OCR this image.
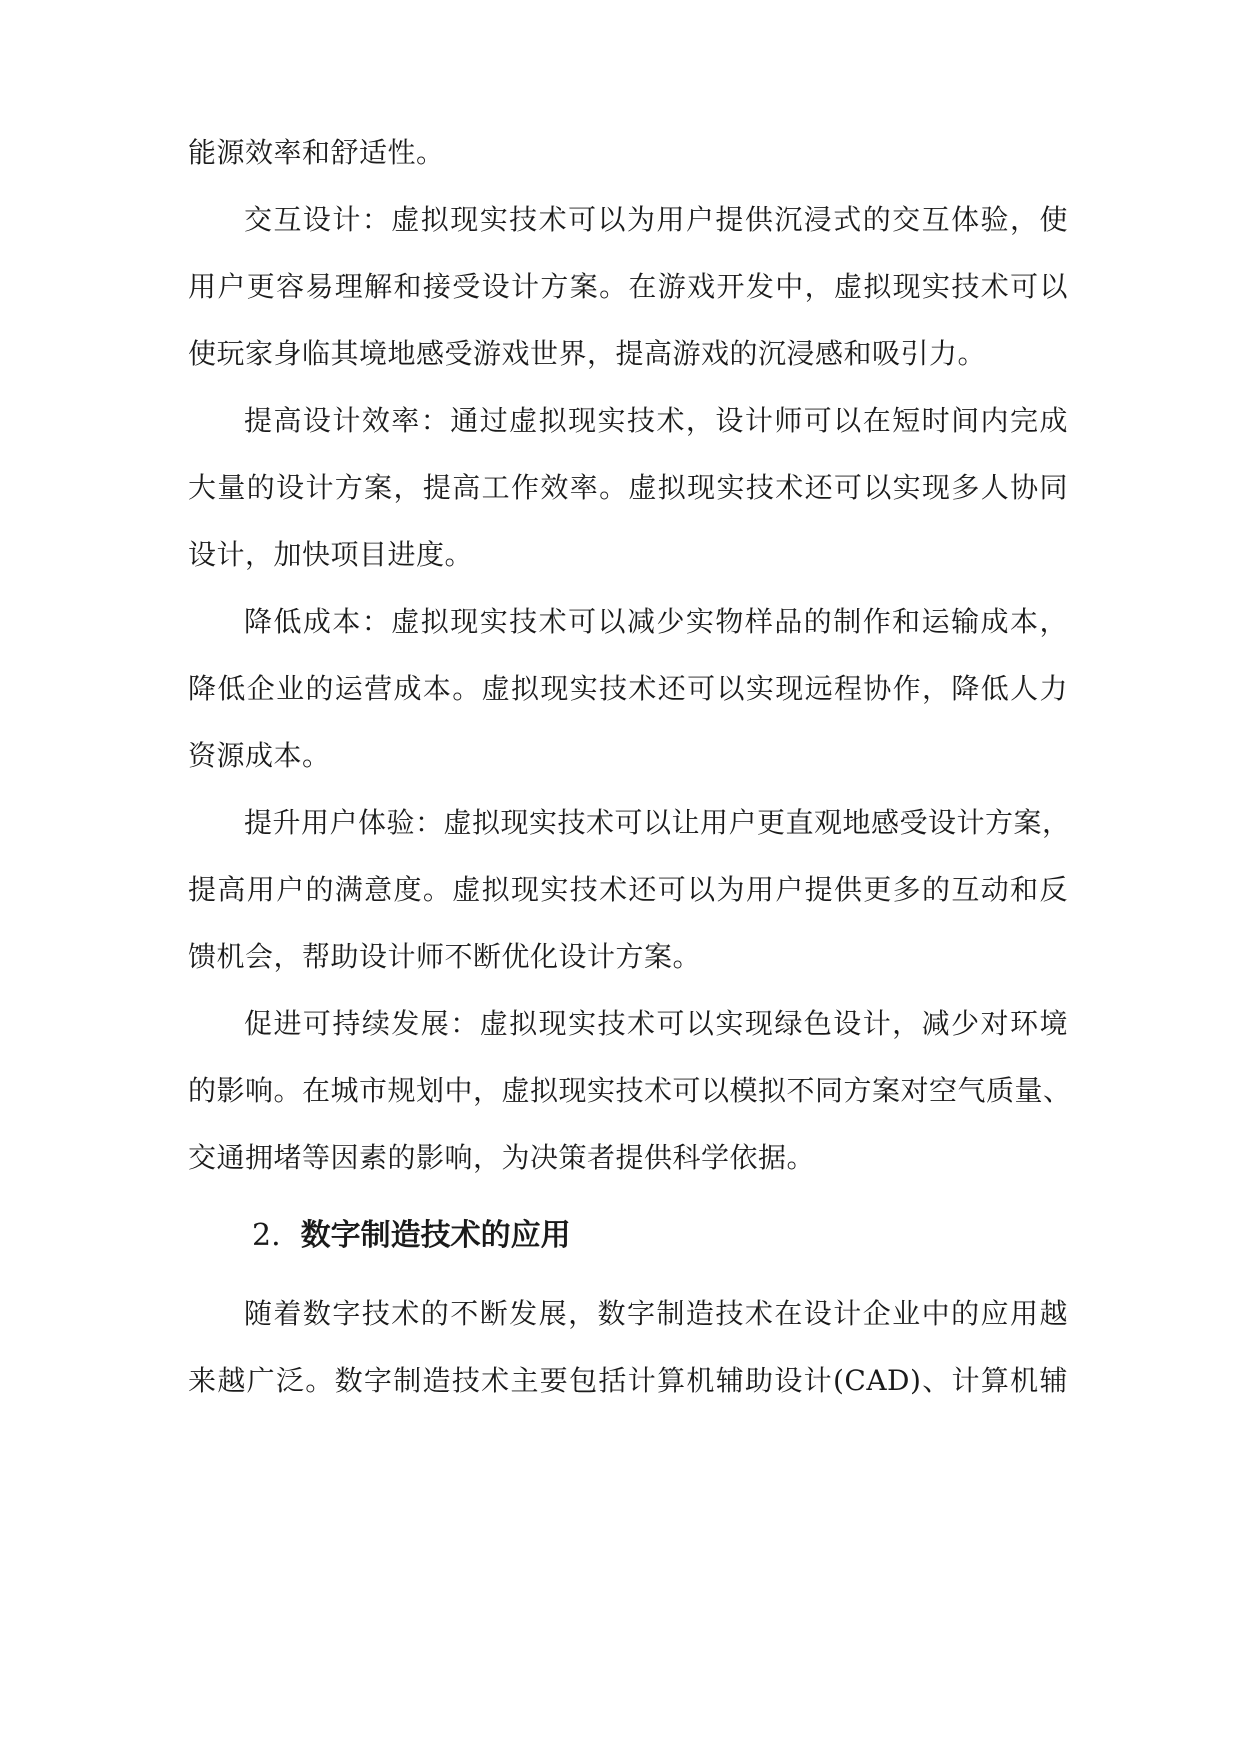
能源效率和舒适性。
交互设计：虚拟现实技术可以为用户提供沉浸式的交互体验，使
用户更容易理解和接受设计方案。在游戏开发中，虚拟现实技术可以
使玩家身临其境地感受游戏世界，提高游戏的沉浸感和吸引力。
提高设计效率：通过虚拟现实技术，设计师可以在短时间内完成
大量的设计方案，提高工作效率。虚拟现实技术还可以实现多人协同
设计，加快项目进度。
降低成本：虚拟现实技术可以减少实物样品的制作和运输成本，
降低企业的运营成本。虚拟现实技术还可以实现远程协作，降低人力
资源成本。
提升用户体验：虚拟现实技术可以让用户更直观地感受设计方案，
提高用户的满意度。虚拟现实技术还可以为用户提供更多的互动和反
馈机会，帮助设计师不断优化设计方案。
促进可持续发展：虚拟现实技术可以实现绿色设计，减少对环境
的影响。在城市规划中，虚拟现实技术可以模拟不同方案对空气质量、
交通拥堵等因素的影响，为决策者提供科学依据。
2. 数字制造技术的应用
随着数字技术的不断发展，数字制造技术在设计企业中的应用越
来越广泛。数字制造技术主要包括计算机辅助设计(CAD)、计算机辅
